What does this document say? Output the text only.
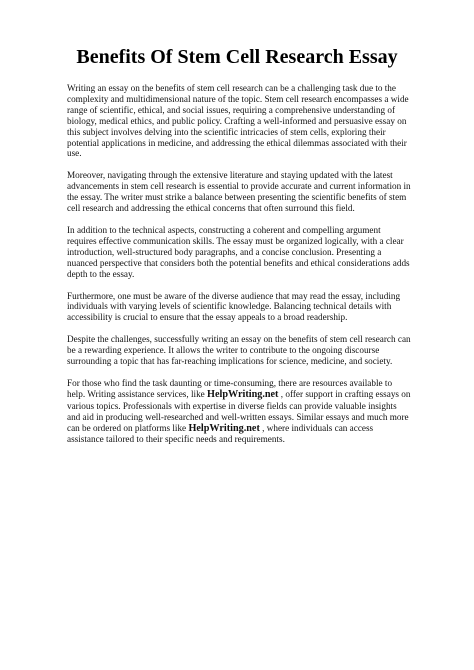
Benefits Of Stem Cell Research Essay

Writing an essay on the benefits of stem cell research can be a challenging task due to the complexity and multidimensional nature of the topic. Stem cell research encompasses a wide range of scientific, ethical, and social issues, requiring a comprehensive understanding of biology, medical ethics, and public policy. Crafting a well-informed and persuasive essay on this subject involves delving into the scientific intricacies of stem cells, exploring their potential applications in medicine, and addressing the ethical dilemmas associated with their use.

Moreover, navigating through the extensive literature and staying updated with the latest advancements in stem cell research is essential to provide accurate and current information in the essay. The writer must strike a balance between presenting the scientific benefits of stem cell research and addressing the ethical concerns that often surround this field.

In addition to the technical aspects, constructing a coherent and compelling argument requires effective communication skills. The essay must be organized logically, with a clear introduction, well-structured body paragraphs, and a concise conclusion. Presenting a nuanced perspective that considers both the potential benefits and ethical considerations adds depth to the essay.

Furthermore, one must be aware of the diverse audience that may read the essay, including individuals with varying levels of scientific knowledge. Balancing technical details with accessibility is crucial to ensure that the essay appeals to a broad readership.

Despite the challenges, successfully writing an essay on the benefits of stem cell research can be a rewarding experience. It allows the writer to contribute to the ongoing discourse surrounding a topic that has far-reaching implications for science, medicine, and society.

For those who find the task daunting or time-consuming, there are resources available to help. Writing assistance services, like HelpWriting.net , offer support in crafting essays on various topics. Professionals with expertise in diverse fields can provide valuable insights and aid in producing well-researched and well-written essays. Similar essays and much more can be ordered on platforms like HelpWriting.net , where individuals can access assistance tailored to their specific needs and requirements.
